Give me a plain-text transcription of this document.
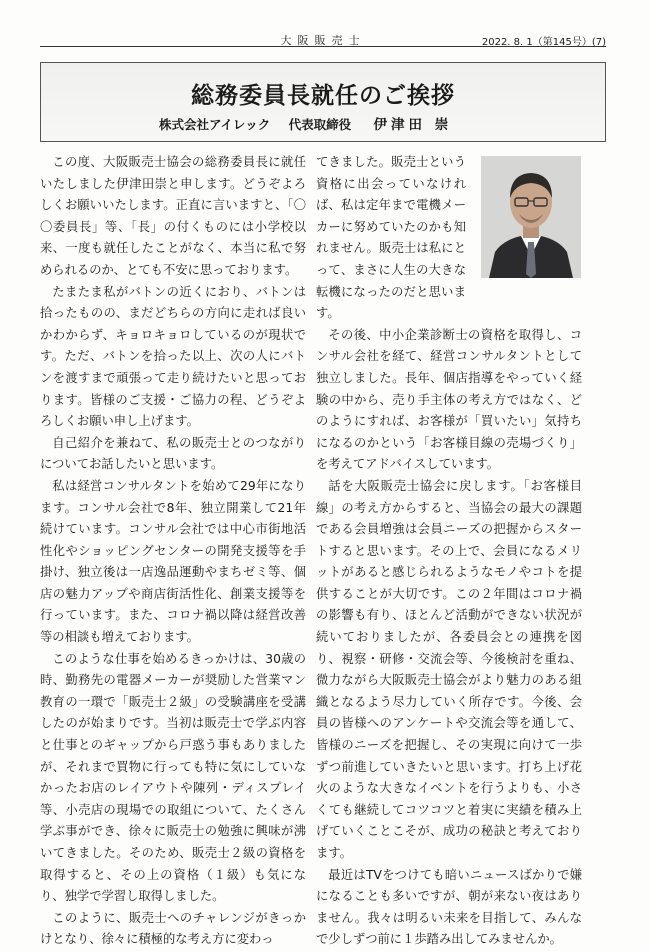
大阪販売士	2022. 8. 1（第145号）(7)
総務委員長就任のご挨拶
株式会社アイレック 代表取締役 伊津田 崇

この度、大阪販売士協会の総務委員長に就任いたしました伊津田崇と申します。どうぞよろしくお願いいたします。正直に言いますと、「〇〇委員長」等、「長」の付くものには小学校以来、一度も就任したことがなく、本当に私で努められるのか、とても不安に思っております。

たまたま私がバトンの近くにおり、バトンは拾ったものの、まだどちらの方向に走れば良いかわからず、キョロキョロしているのが現状です。ただ、バトンを拾った以上、次の人にバトンを渡すまで頑張って走り続けたいと思っております。皆様のご支援・ご協力の程、どうぞよろしくお願い申し上げます。

自己紹介を兼ねて、私の販売士とのつながりについてお話したいと思います。

私は経営コンサルタントを始めて29年になります。コンサル会社で8年、独立開業して21年続けています。コンサル会社では中心市街地活性化やショッピングセンターの開発支援等を手掛け、独立後は一店逸品運動やまちゼミ等、個店の魅力アップや商店街活性化、創業支援等を行っています。また、コロナ禍以降は経営改善等の相談も増えております。

このような仕事を始めるきっかけは、30歳の時、勤務先の電器メーカーが奨励した営業マン教育の一環で「販売士２級」の受験講座を受講したのが始まりです。当初は販売士で学ぶ内容と仕事とのギャップから戸惑う事もありましたが、それまで買物に行っても特に気にしていなかったお店のレイアウトや陳列・ディスプレイ等、小売店の現場での取組について、たくさん学ぶ事ができ、徐々に販売士の勉強に興味が沸いてきました。そのため、販売士２級の資格を取得すると、その上の資格（１級）も気になり、独学で学習し取得しました。

このように、販売士へのチャレンジがきっかけとなり、徐々に積極的な考え方に変わっ

てきました。販売士という資格に出会っていなければ、私は定年まで電機メーカーに努めていたのかも知れません。販売士は私にとって、まさに人生の大きな転機になったのだと思います。

その後、中小企業診断士の資格を取得し、コンサル会社を経て、経営コンサルタントとして独立しました。長年、個店指導をやっていく経験の中から、売り手主体の考え方ではなく、どのようにすれば、お客様が「買いたい」気持ちになるのかという「お客様目線の売場づくり」を考えてアドバイスしています。

話を大阪販売士協会に戻します。「お客様目線」の考え方からすると、当協会の最大の課題である会員増強は会員ニーズの把握からスタートすると思います。その上で、会員になるメリットがあると感じられるようなモノやコトを提供することが大切です。この２年間はコロナ禍の影響も有り、ほとんど活動ができない状況が続いておりましたが、各委員会との連携を図り、視察・研修・交流会等、今後検討を重ね、微力ながら大阪販売士協会がより魅力のある組織となるよう尽力していく所存です。今後、会員の皆様へのアンケートや交流会等を通して、皆様のニーズを把握し、その実現に向けて一歩ずつ前進していきたいと思います。打ち上げ花火のような大きなイベントを行うよりも、小さくても継続してコツコツと着実に実績を積み上げていくことこそが、成功の秘訣と考えております。

最近はTVをつけても暗いニュースばかりで嫌になることも多いですが、朝が来ない夜はありません。我々は明るい未来を目指して、みんなで少しずつ前に１歩踏み出してみませんか。
